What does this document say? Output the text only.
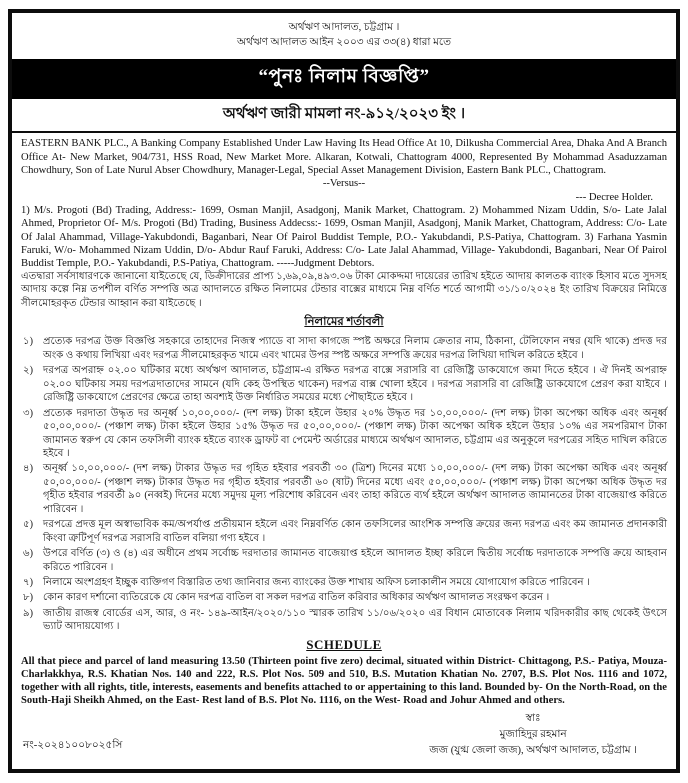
অর্থঋণ আদালত, চট্টগ্রাম ।
অর্থঋণ আদালত আইন ২০০৩ এর ৩৩(৪) ধারা মতে
“পুনঃ নিলাম বিজ্ঞপ্তি”
অর্থঋণ জারী মামলা নং-৯১২/২০২৩ ইং ।

EASTERN BANK PLC., A Banking Company Established Under Law Having Its Head Office At 10, Dilkusha Commercial Area, Dhaka And A Branch Office At- New Market, 904/731, HSS Road, New Market More. Alkaran, Kotwali, Chattogram 4000, Represented By Mohammad Asaduzzaman Chowdhury, Son of Late Nurul Abser Chowdhury, Manager-Legal, Special Asset Management Division, Eastern Bank PLC., Chattogram.

--Versus--
--- Decree Holder.

1) M/s. Progoti (Bd) Trading, Address:- 1699, Osman Manjil, Asadgonj, Manik Market, Chattogram. 2) Mohammed Nizam Uddin, S/o- Late Jalal Ahmed, Proprietor Of- M/s. Progoti (Bd) Trading, Business Addecss:- 1699, Osman Manjil, Asadgonj, Manik Market, Chattogram, Address: C/o- Late Of Jalal Ahammad, Village-Yakubdondi, Baganbari, Near Of Pairol Buddist Temple, P.O.- Yakubdandi, P.S-Patiya, Chattogram. 3) Farhana Yasmin Faruki, W/o- Mohammed Nizam Uddin, D/o- Abdur Rauf Faruki, Address: C/o- Late Jalal Ahammad, Village- Yakubdondi, Baganbari, Near Of Pairol Buddist Temple, P.O.- Yakubdandi, P.S-Patiya, Chattogram. -----Judgment Debtors.

এতদ্বারা সর্বসাধারণকে জানানো যাইতেছে যে, ডিক্রীদারের প্রাপ্য ১,৬৯,০৯,৪৯৩.০৬ টাকা মোকদ্দমা দায়েরের তারিখ হইতে আদায় কালতক ব্যাংক হিসাব মতে সুদসহ আদায় কল্পে নিম্ন তপশীল বর্ণিত সম্পত্তি অত্র আদালতে রক্ষিত নিলামের টেন্ডার বাক্সের মাধ্যমে নিম্ন বর্ণিত শর্তে আগামী ৩১/১০/২০২৪ ইং তারিখ বিক্রয়ের নিমিত্তে সীলমোহরকৃত টেন্ডার আহ্বান করা যাইতেছে ।

নিলামের শর্তাবলী
১) প্রত্যেক দরপত্র উক্ত বিজ্ঞপ্তি সহকারে তাহাদের নিজস্ব প্যাডে বা সাদা কাগজে স্পষ্ট অক্ষরে নিলাম ক্রেতার নাম, ঠিকানা, টেলিফোন নম্বর (যদি থাকে) প্রদত্ত দর অংক ও কথায় লিখিয়া এবং দরপত্র সীলমোহরকৃত খামে এবং খামের উপর স্পষ্ট অক্ষরে সম্পত্তি ক্রয়ের দরপত্র লিখিয়া দাখিল করিতে হইবে ।
২) দরপত্র অপরাহ্ন ০২.০০ ঘটিকার মধ্যে অর্থঋণ আদালত, চট্টগ্রাম-এ রক্ষিত দরপত্র বাক্সে সরাসরি বা রেজিষ্ট্রি ডাকযোগে জমা দিতে হইবে । ঐ দিনই অপরাহ্ন ০২.০০ ঘটিকায় সময় দরপত্রদাতাদের সামনে (যদি কেহ উপস্থিত থাকেন) দরপত্র বাক্স খোলা হইবে । দরপত্র সরাসরি বা রেজিষ্ট্রি ডাকযোগে প্রেরণ করা যাইবে । রেজিষ্ট্রি ডাকযোগে প্রেরণের ক্ষেত্রে তাহা অবশ্যই উক্ত নির্ধারিত সময়ের মধ্যে পৌছাইতে হইবে ।
৩) প্রত্যেক দরদাতা উদ্ধৃত দর অনূর্ধ্ব ১০,০০,০০০/- (দশ লক্ষ) টাকা হইলে উহার ২০% উদ্ধৃত দর ১০,০০,০০০/- (দশ লক্ষ) টাকা অপেক্ষা অধিক এবং অনূর্ধ্ব ৫০,০০,০০০/- (পঞ্চাশ লক্ষ) টাকা হইলে উহার ১৫% উদ্ধৃত দর ৫০,০০,০০০/- (পঞ্চাশ লক্ষ) টাকা অপেক্ষা অধিক হইলে উহার ১০% এর সমপরিমাণ টাকা জামানত স্বরুপ যে কোন তফসিলী ব্যাংক হইতে ব্যাংক ড্রাফট বা পেমেন্ট অর্ডারের মাধ্যমে অর্থঋণ আদালত, চট্টগ্রাম এর অনুকূলে দরপত্রের সহিত দাখিল করিতে হইবে ।
৪) অনূর্ধ্ব ১০,০০,০০০/- (দশ লক্ষ) টাকার উদ্ধৃত দর গৃহিত হইবার পরবর্তী ৩০ (ত্রিশ) দিনের মধ্যে ১০,০০,০০০/- (দশ লক্ষ) টাকা অপেক্ষা অধিক এবং অনূর্ধ্ব ৫০,০০,০০০/- (পঞ্চাশ লক্ষ) টাকার উদ্ধৃত দর গৃহীত হইবার পরবর্তী ৬০ (ষাট) দিনের মধ্যে এবং ৫০,০০,০০০/- (পঞ্চাশ লক্ষ) টাকা অপেক্ষা অধিক উদ্ধৃত দর গৃহীত হইবার পরবর্তী ৯০ (নব্বই) দিনের মধ্যে সমুদয় মূল্য পরিশোধ করিবেন এবং তাহা করিতে ব্যর্থ হইলে অর্থঋণ আদালত জামানতের টাকা বাজেয়াপ্ত করিতে পারিবেন ।
৫) দরপত্রে প্রদত্ত মূল অস্বাভাবিক কম/অপর্যাপ্ত প্রতীয়মান হইলে এবং নিম্নবর্ণিত কোন তফসিলের আংশিক সম্পত্তি ক্রয়ের জন্য দরপত্র এবং কম জামানত প্রদানকারী কিংবা ত্রুটিপূর্ণ দরপত্র সরাসরি বাতিল বলিয়া গণ্য হইবে ।
৬) উপরে বর্ণিত (৩) ও (৪) এর অধীনে প্রথম সর্বোচ্চ দরদাতার জামানত বাজেয়াপ্ত হইলে আদালত ইচ্ছা করিলে দ্বিতীয় সর্বোচ্চ দরদাতাকে সম্পত্তি ক্রয়ে আহবান করিতে পারিবেন ।
৭) নিলামে অংশগ্রহণ ইচ্ছুক ব্যক্তিগণ বিস্তারিত তথ্য জানিবার জন্য ব্যাংকের উক্ত শাখায় অফিস চলাকালীন সময়ে যোগাযোগ করিতে পারিবেন ।
৮) কোন কারণ দর্শানো ব্যতিরেকে যে কোন দরপত্র বাতিল বা সকল দরপত্র বাতিল করিবার অধিকার অর্থঋণ আদালত সংরক্ষণ করেন ।
৯) জাতীয় রাজস্ব বোর্ডের এস, আর, ও নং- ১৪৯-আইন/২০২০/১১০ স্মারক তারিখ ১১/০৬/২০২০ এর বিধান মোতাবেক নিলাম খরিদকারীর কাছ থেকেই উৎসে ভ্যাট আদায়যোগ্য ।
SCHEDULE

All that piece and parcel of land measuring 13.50 (Thirteen point five zero) decimal, situated within District- Chittagong, P.S.- Patiya, Mouza- Charlakkhya, R.S. Khatian Nos. 140 and 222, R.S. Plot Nos. 509 and 510, B.S. Mutation Khatian No. 2707, B.S. Plot Nos. 1116 and 1072, together with all rights, title, interests, easements and benefits attached to or appertaining to this land. Bounded by- On the North-Road, on the South-Haji Sheikh Ahmed, on the East- Rest land of B.S. Plot No. 1116, on the West- Road and Johur Ahmed and others.

নং-২০২৪১০০৮০২৫সি
স্বাঃ
মুজাহিদুর রহমান
জজ (যুগ্ম জেলা জজ), অর্থঋণ আদালত, চট্টগ্রাম ।
